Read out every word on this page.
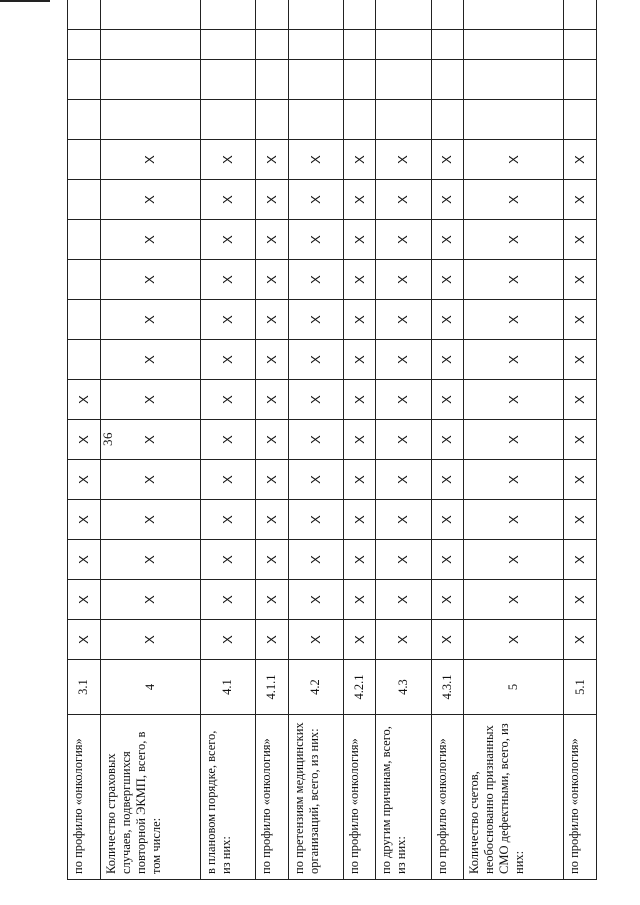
36
по профилю «онкология»	3.1	X	X	X	X	X	X	X											
Количество страховых случаев, подвергшихся повторной ЭКМП, всего, в том числе:	4	X	X	X	X	X	X	X	X	X	X	X	X	X					
в плановом порядке, всего, из них:	4.1	X	X	X	X	X	X	X	X	X	X	X	X	X					
по профилю «онкология»	4.1.1	X	X	X	X	X	X	X	X	X	X	X	X	X					
по претензиям медицинских организаций, всего, из них:	4.2	X	X	X	X	X	X	X	X	X	X	X	X	X					
по профилю «онкология»	4.2.1	X	X	X	X	X	X	X	X	X	X	X	X	X					
по другим причинам, всего, из них:	4.3	X	X	X	X	X	X	X	X	X	X	X	X	X					
по профилю «онкология»	4.3.1	X	X	X	X	X	X	X	X	X	X	X	X	X					
Количество счетов, необоснованно признанных СМО дефектными, всего, из них:	5	X	X	X	X	X	X	X	X	X	X	X	X	X					
по профилю «онкология»	5.1	X	X	X	X	X	X	X	X	X	X	X	X	X					
